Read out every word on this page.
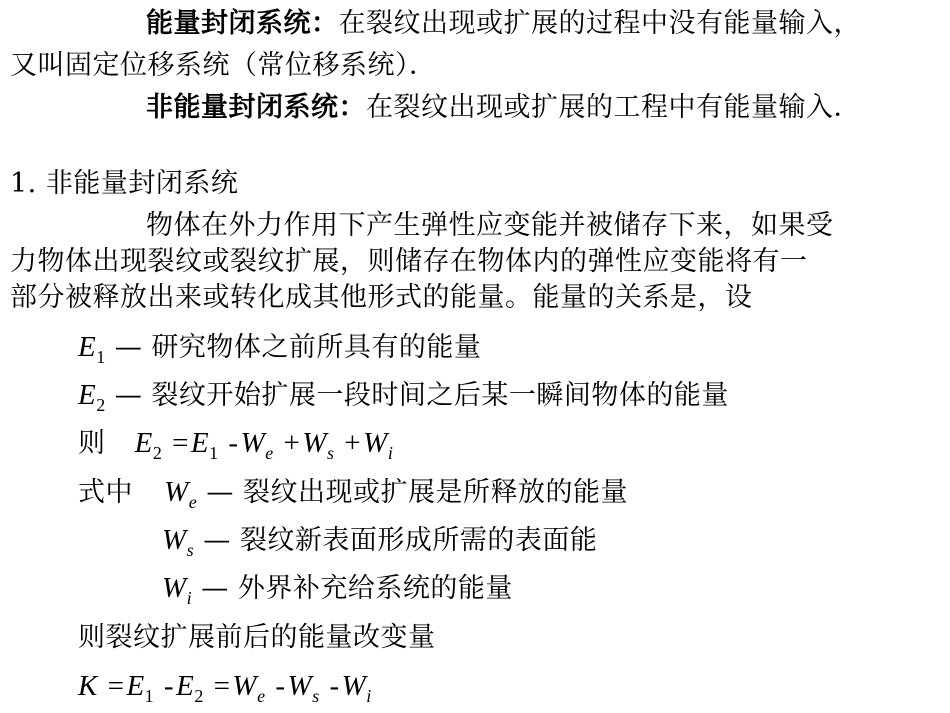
能量封闭系统：在裂纹出现或扩展的过程中没有能量输入，
又叫固定位移系统（常位移系统）．
非能量封闭系统：在裂纹出现或扩展的工程中有能量输入．
1. 非能量封闭系统
物体在外力作用下产生弹性应变能并被储存下来，如果受
力物体出现裂纹或裂纹扩展，则储存在物体内的弹性应变能将有一
部分被释放出来或转化成其他形式的能量。能量的关系是，设
$E_1$ — 研究物体之前所具有的能量
$E_2$ — 裂纹开始扩展一段时间之后某一瞬间物体的能量
则 $E_2 =E_1$ $-W_e +W_s +W_i$
式中 $W_e$ — 裂纹出现或扩展是所释放的能量
$W_s$ — 裂纹新表面形成所需的表面能
$W_i$ — 外界补充给系统的能量
则裂纹扩展前后的能量改变量
$K =E_1$ $-E_2 =W_e$ $-W_s$ $-W_i$
